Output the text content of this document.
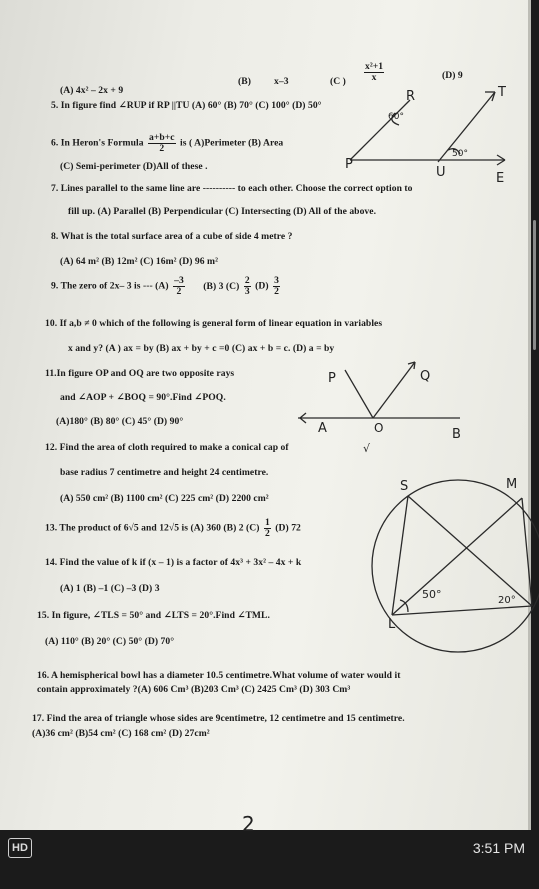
(A) 4x² – 2x + 9
(B) x–3	(C ) $\frac{\text{x²+1}}{x}$	(D) 9
5. In figure find ∠RUP if RP ||TU (A) 60° (B) 70° (C) 100° (D) 50°
6. In Heron's Formula $\frac{a+b+c}{2}$ is ( A)Perimeter (B) Area
(C) Semi-perimeter (D)All of these .
7. Lines parallel to the same line are ---------- to each other. Choose the correct option to
fill up. (A) Parallel (B) Perpendicular (C) Intersecting (D) All of the above.
8. What is the total surface area of a cube of side 4 metre ?
(A) 64 m² (B) 12m² (C) 16m² (D) 96 m²
9. The zero of 2x– 3 is --- $(A) \frac{-3}{2} (B)$ 3 $(C) \frac{2}{3} (D) \frac{3}{2}$
10. If a,b ≠ 0 which of the following is general form of linear equation in variables
x and y? (A ) ax = by (B) ax + by + c =0 (C) ax + b = c. (D) a = by
11.In figure OP and OQ are two opposite rays
and ∠AOP + ∠BOQ = 90°.Find ∠POQ.
(A)180° (B) 80° (C) 45° (D) 90°
12. Find the area of cloth required to make a conical cap of
base radius 7 centimetre and height 24 centimetre.
(A) 550 cm² (B) 1100 cm² (C) 225 cm² (D) 2200 cm²
13. The product of 6√5 and 12√5 is (A) 360 (B) 2 $(C) \frac{1}{2} (D)$ 72
14. Find the value of k if (x – 1) is a factor of 4x³ + 3x² – 4x + k
(A) 1 (B) –1 (C) –3 (D) 3
15. In figure, ∠TLS = 50° and ∠LTS = 20°.Find ∠TML.
(A) 110° (B) 20° (C) 50° (D) 70°
16. A hemispherical bowl has a diameter 10.5 centimetre.What volume of water would it
contain approximately ?(A) 606 Cm³ (B)203 Cm³ (C) 2425 Cm³ (D) 303 Cm³
17. Find the area of triangle whose sides are 9centimetre, 12 centimetre and 15 centimetre.
(A)36 cm² (B)54 cm² (C) 168 cm² (D) 27cm²
R	T
P
U	E
60°
50°
P	Q
A	O	B
√
S	M
L
50°	20°
2
HD	3:51 PM
